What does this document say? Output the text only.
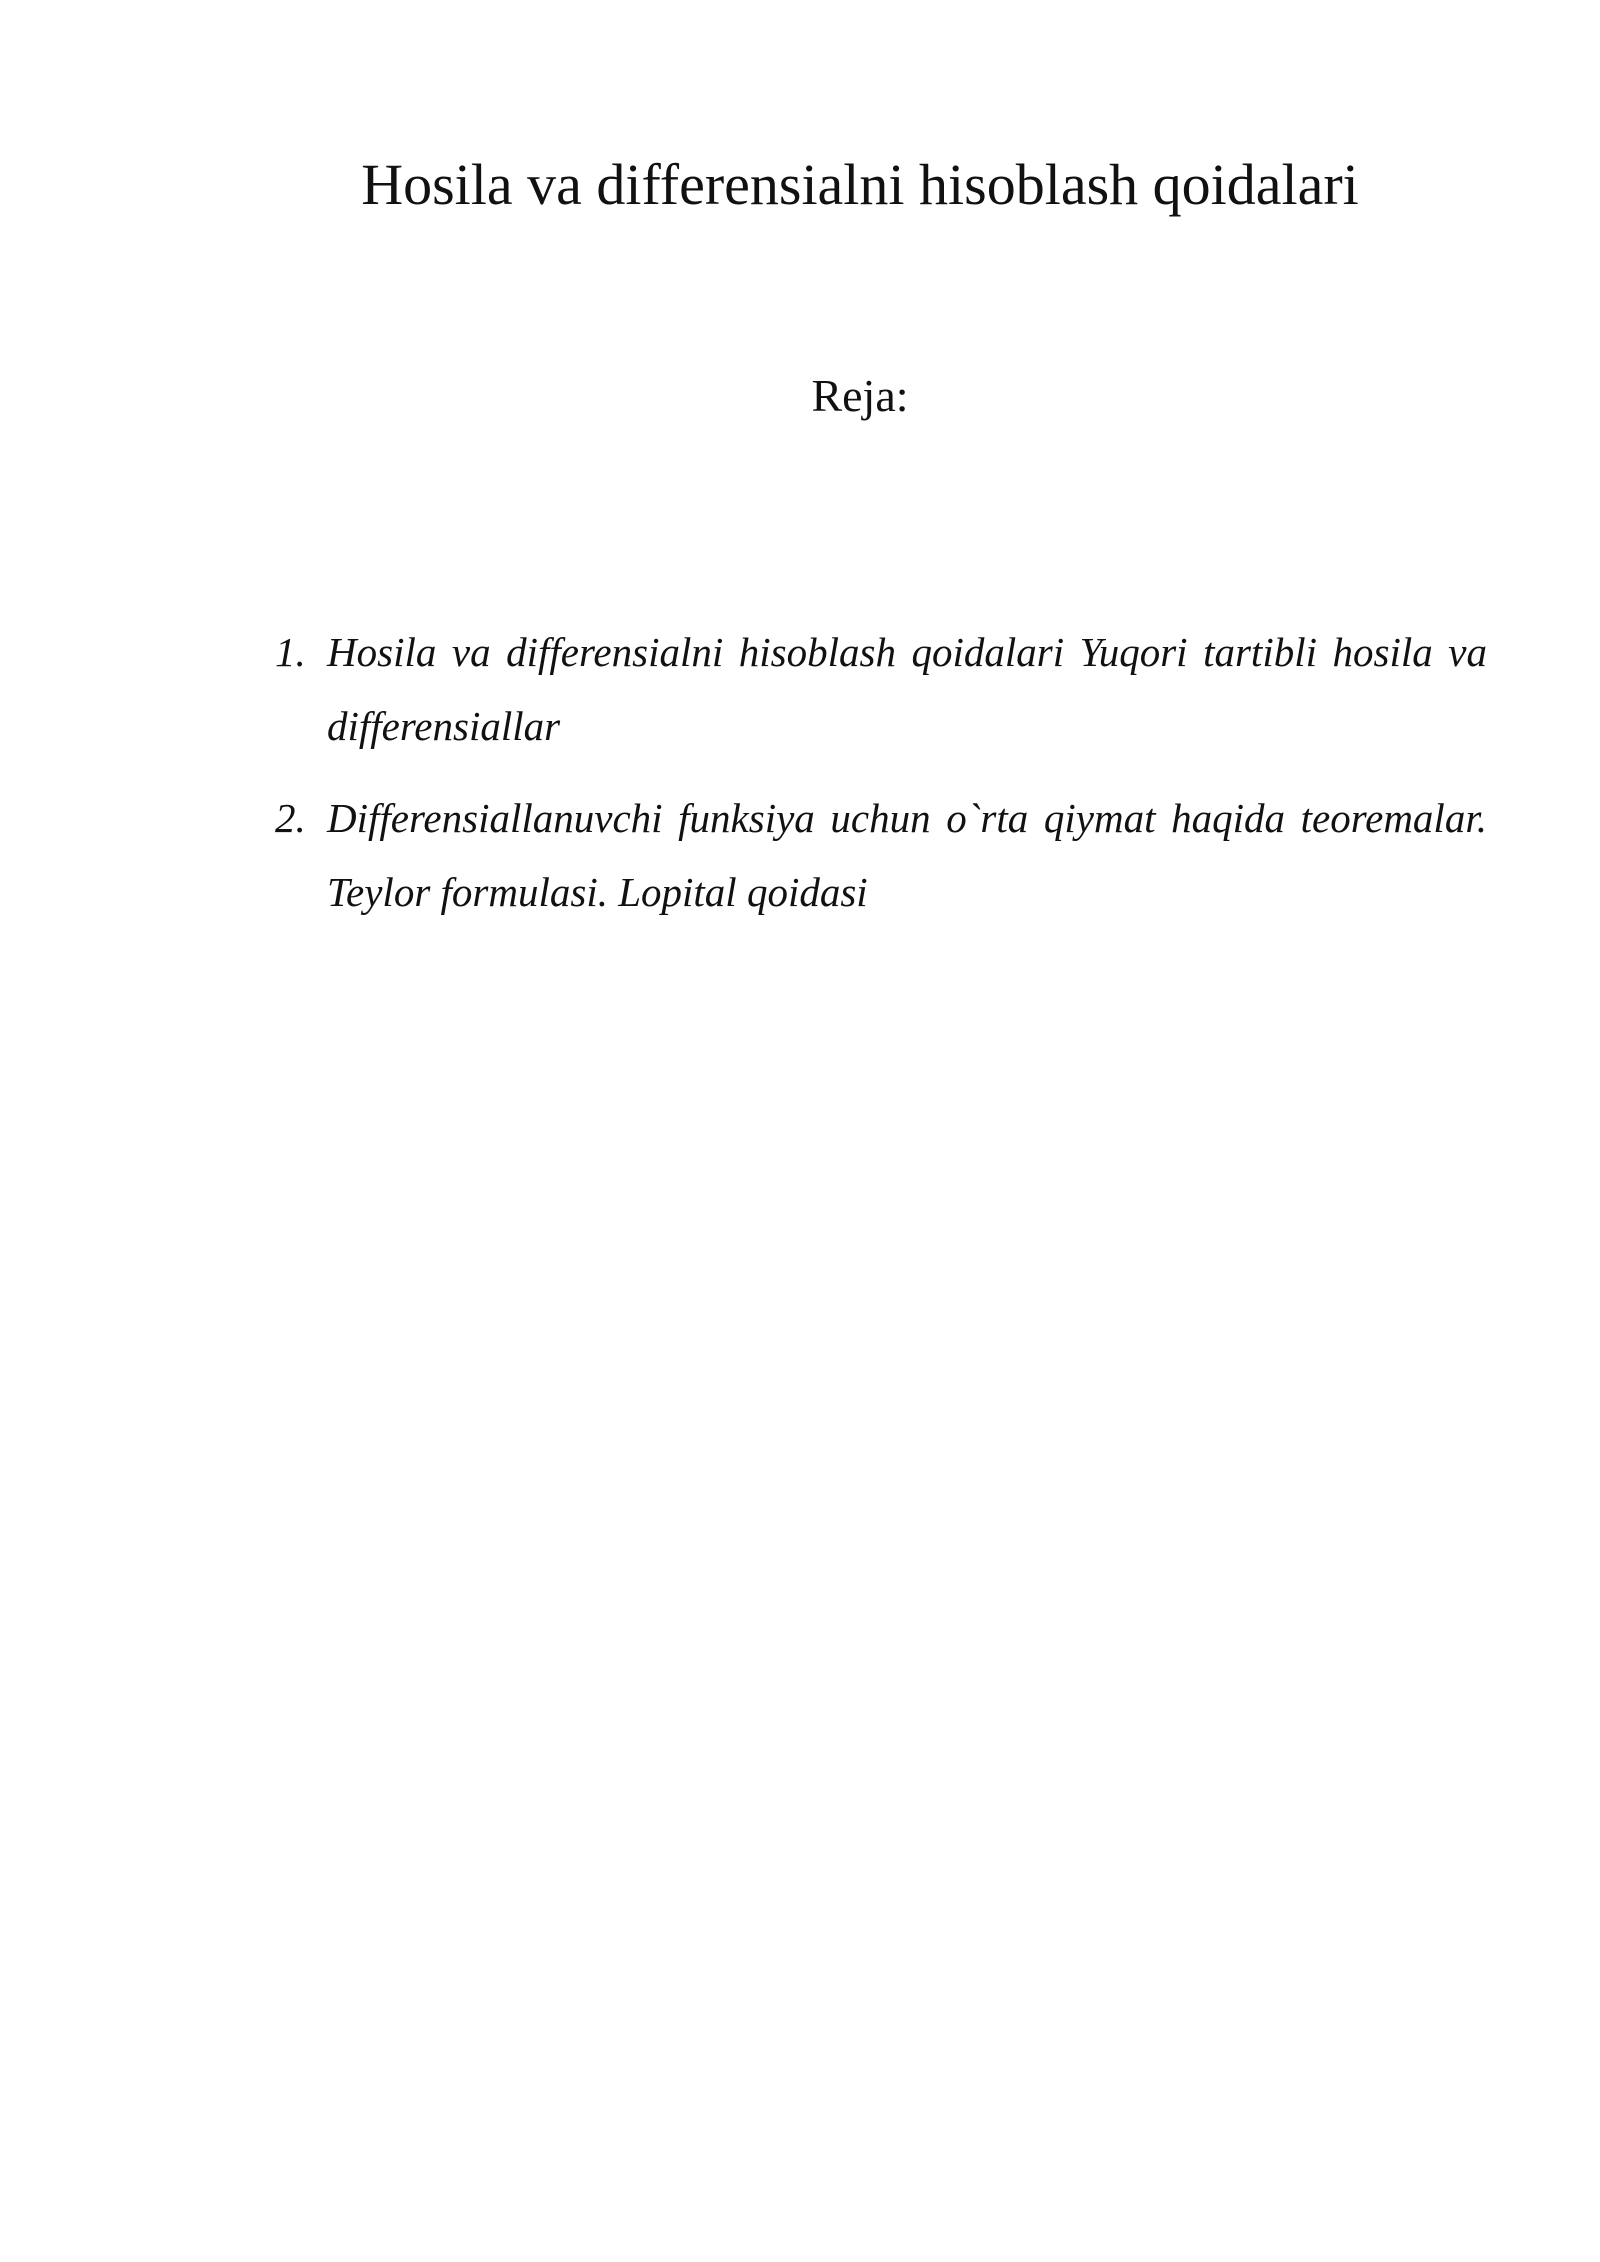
Hosila va differensialni hisoblash qoidalari
Reja:
1. Hosila va differensialni hisoblash qoidalari Yuqori tartibli hosila va differensiallar
2. Differensiallanuvchi funksiya uchun o`rta qiymat haqida teoremalar. Teylor formulasi. Lopital qoidasi
